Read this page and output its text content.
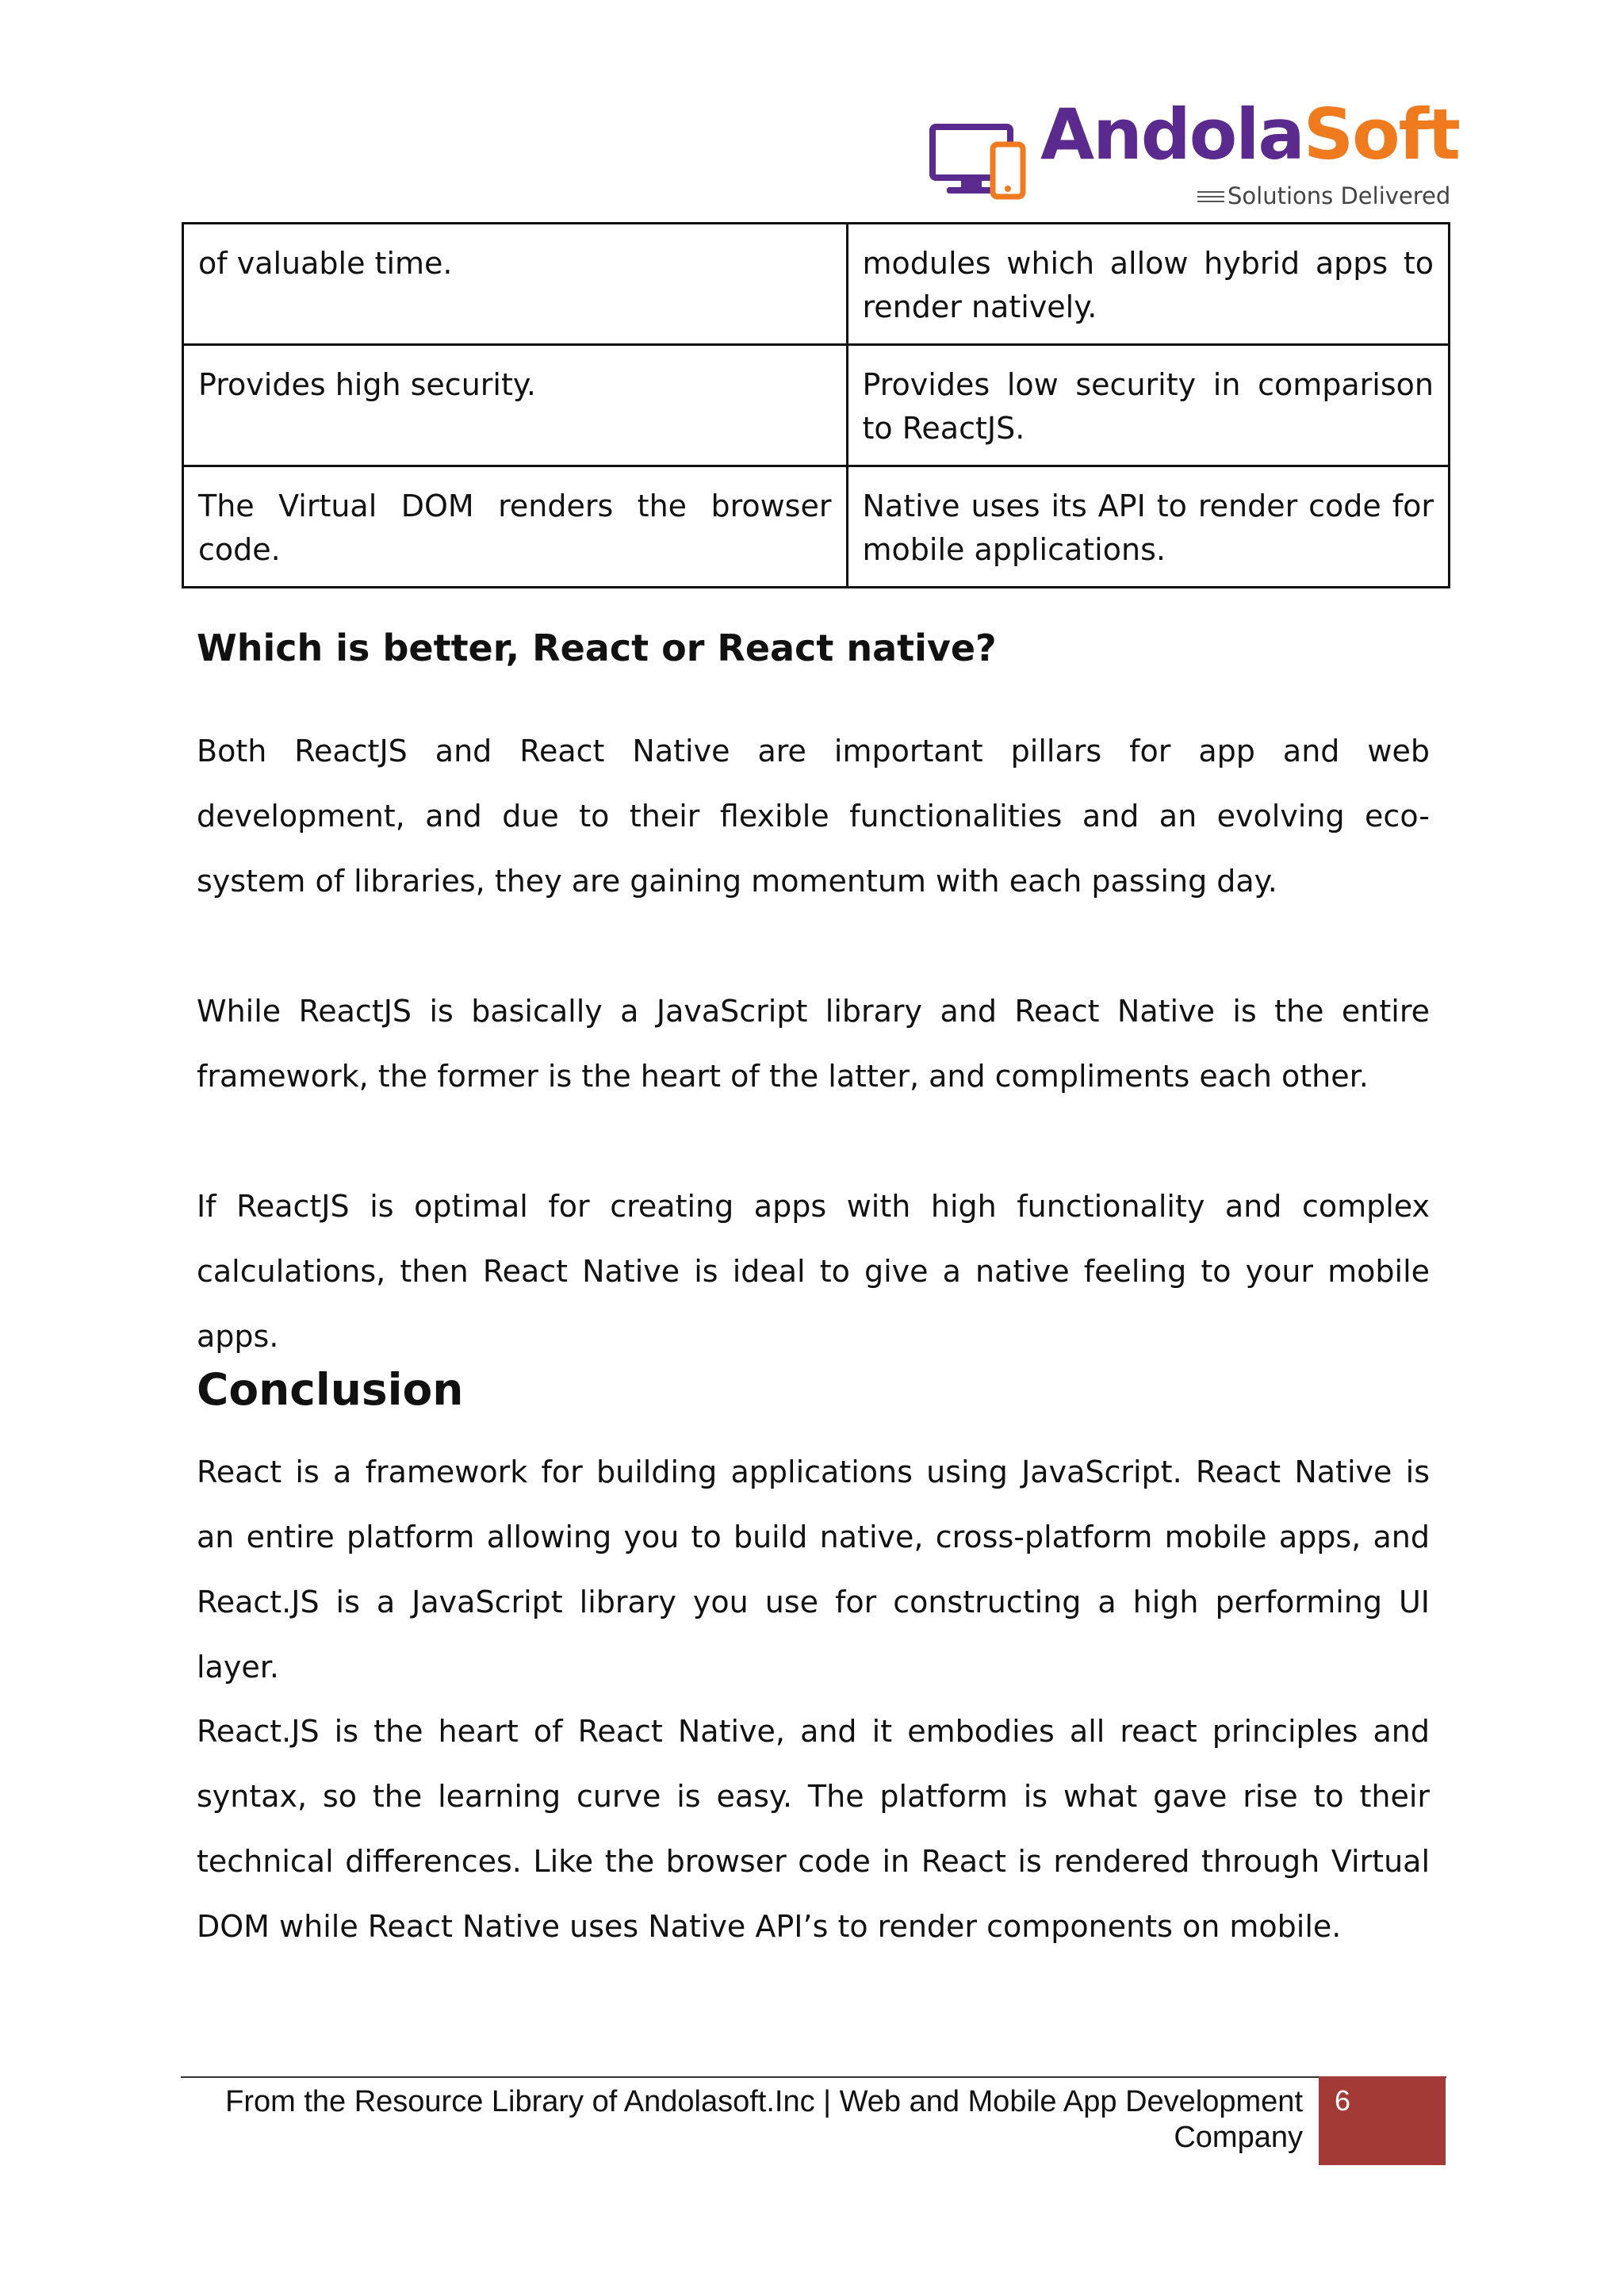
AndolaSoft
Solutions Delivered
of valuable time.	modules which allow hybrid apps to render natively.
Provides high security.	Provides low security in comparison to ReactJS.
The Virtual DOM renders the browser code.	Native uses its API to render code for mobile applications.
Which is better, React or React native?

Both ReactJS and React Native are important pillars for app and web development, and due to their flexible functionalities and an evolving eco-system of libraries, they are gaining momentum with each passing day.

While ReactJS is basically a JavaScript library and React Native is the entire framework, the former is the heart of the latter, and compliments each other.

If ReactJS is optimal for creating apps with high functionality and complex calculations, then React Native is ideal to give a native feeling to your mobile apps.

Conclusion

React is a framework for building applications using JavaScript. React Native is an entire platform allowing you to build native, cross-platform mobile apps, and React.JS is a JavaScript library you use for constructing a high performing UI layer.

React.JS is the heart of React Native, and it embodies all react principles and syntax, so the learning curve is easy. The platform is what gave rise to their technical differences. Like the browser code in React is rendered through Virtual DOM while React Native uses Native API’s to render components on mobile.

From the Resource Library of Andolasoft.Inc | Web and Mobile App Development
Company
6
